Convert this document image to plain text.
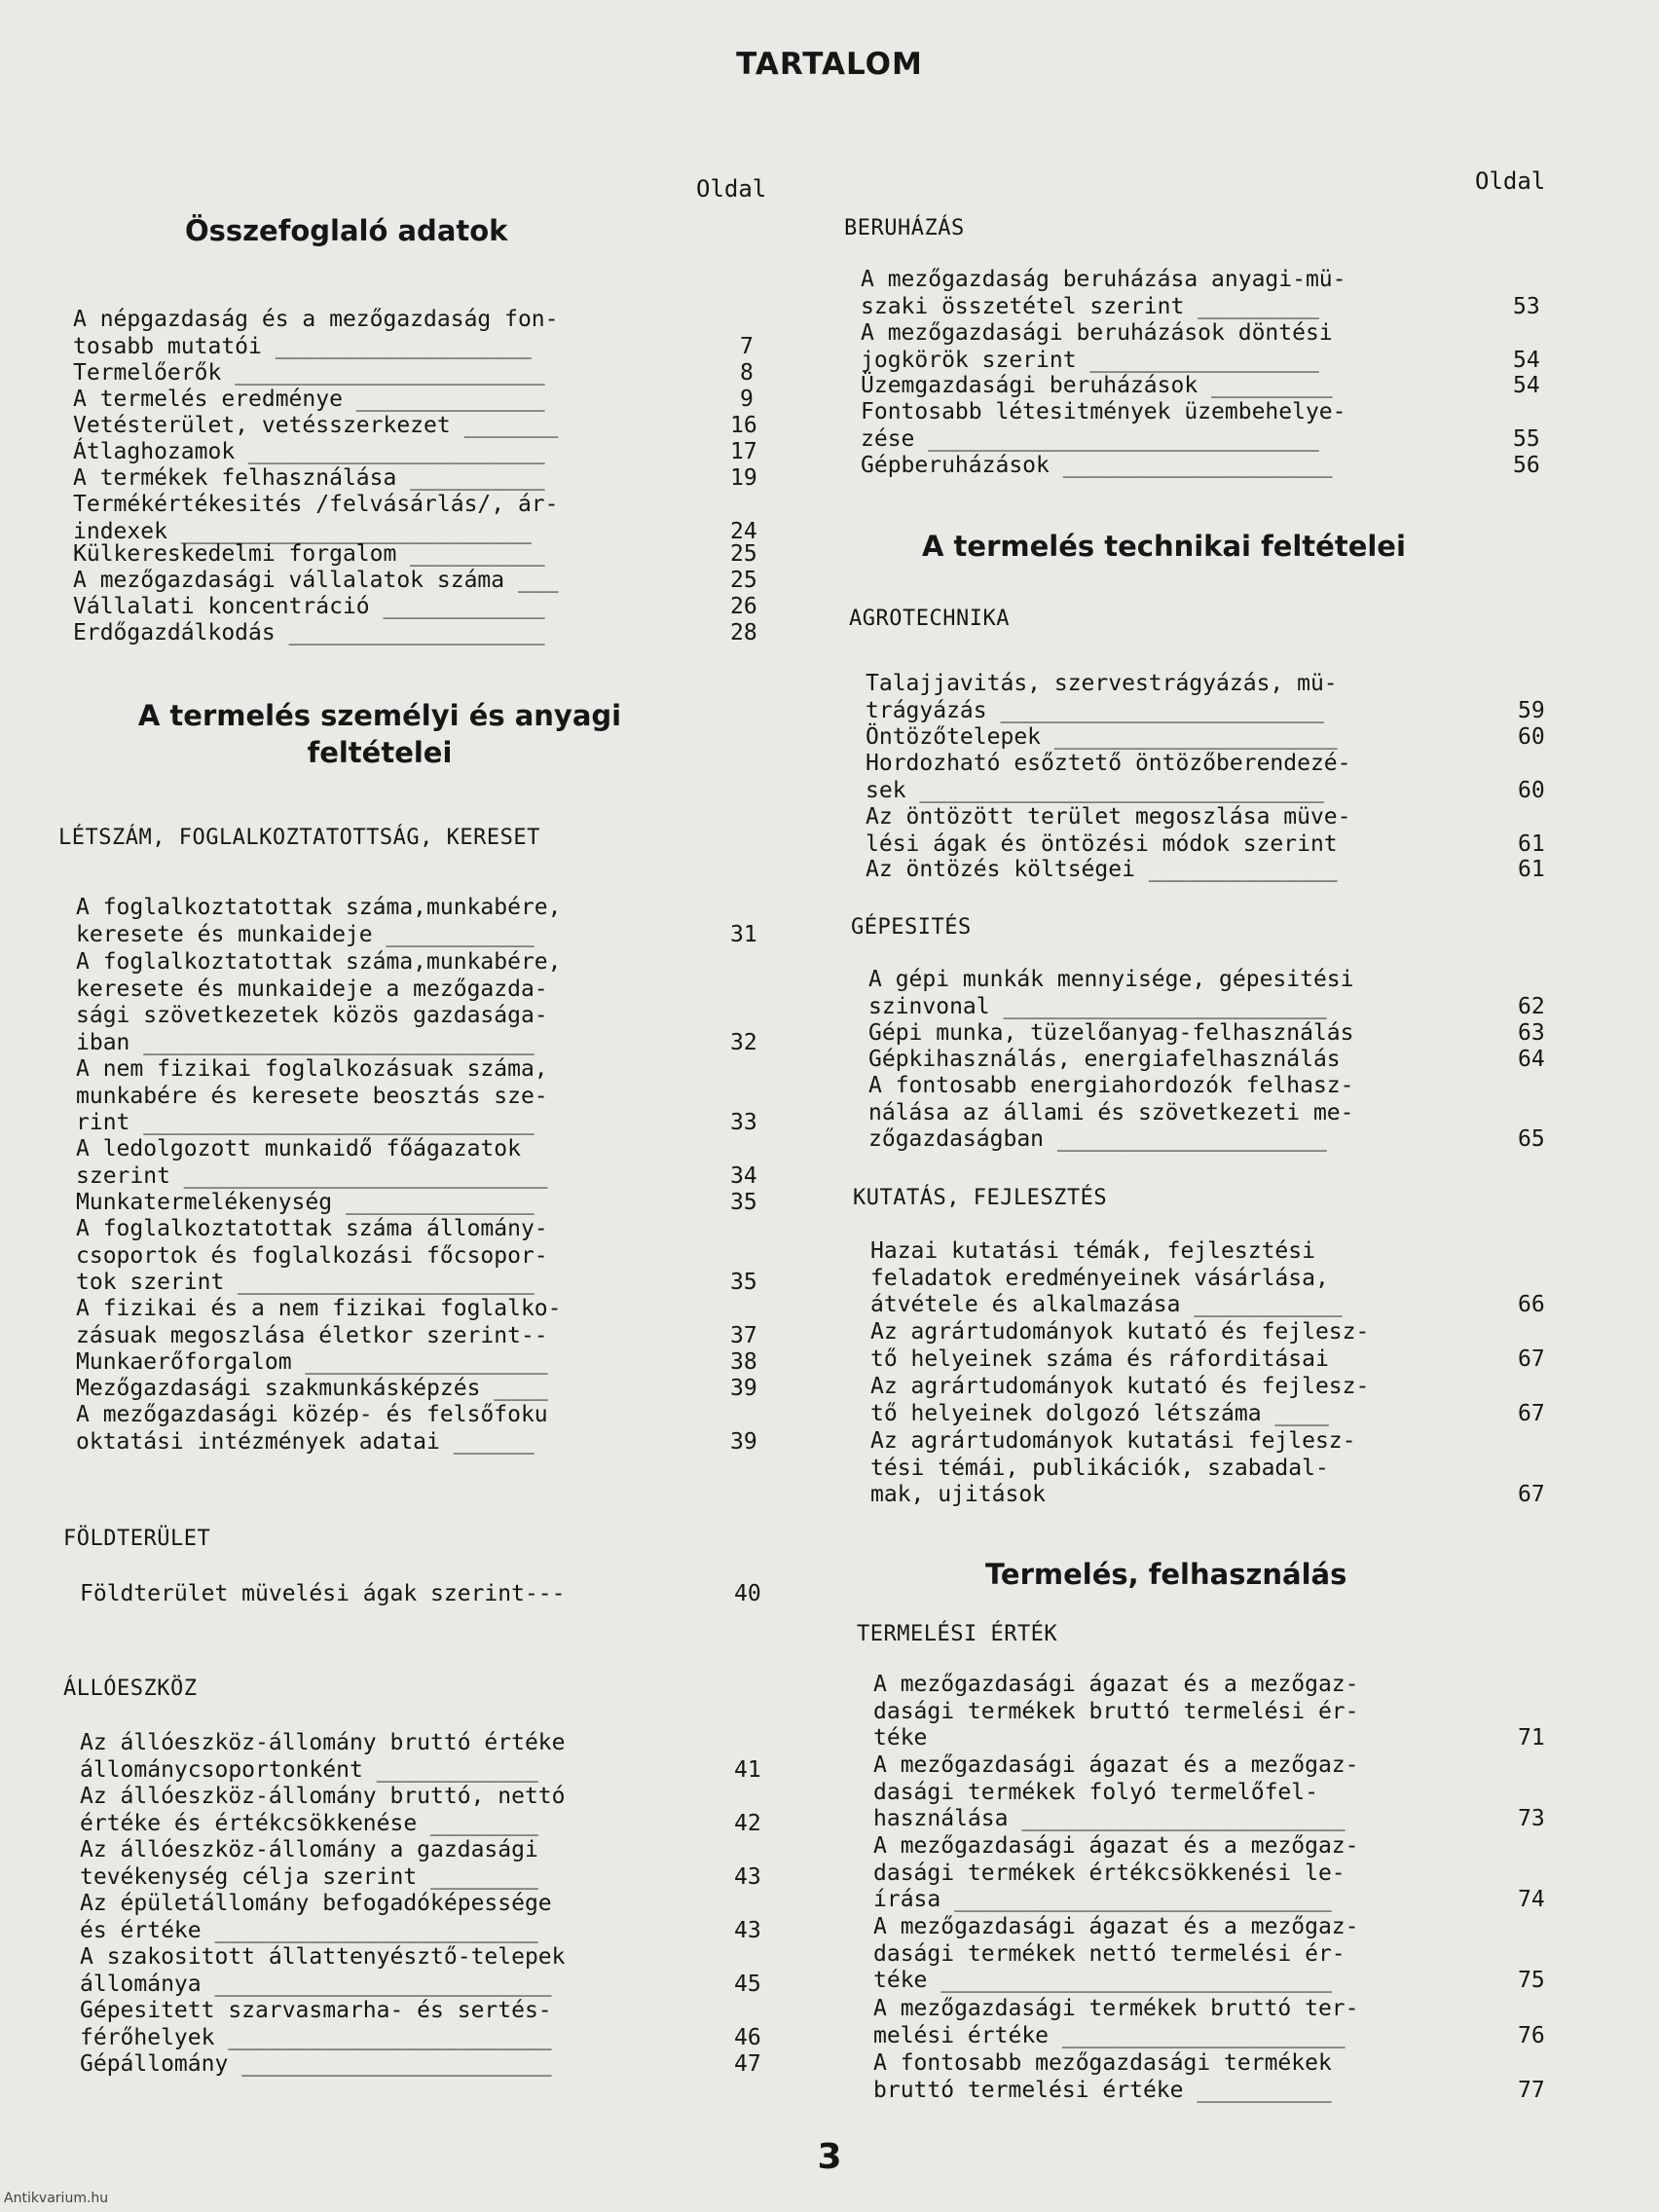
TARTALOM
Oldal
Összefoglaló adatok
A népgazdaság és a mezőgazdaság fon-
tosabb mutatói ___________________	7
Termelőerők _______________________	8
A termelés eredménye ______________	9
Vetésterület, vetésszerkezet _______	16
Átlaghozamok ______________________	17
A termékek felhasználása __________	19
Termékértékesités /felvásárlás/, ár-
indexek __________________________	24
Külkereskedelmi forgalom __________	25
A mezőgazdasági vállalatok száma ___	25
Vállalati koncentráció ____________	26
Erdőgazdálkodás ___________________	28
A termelés személyi és anyagi
feltételei
LÉTSZÁM, FOGLALKOZTATOTTSÁG, KERESET
A foglalkoztatottak száma,munkabére,
keresete és munkaideje ___________	31
A foglalkoztatottak száma,munkabére,
keresete és munkaideje a mezőgazda-
sági szövetkezetek közös gazdasága-
iban _____________________________	32
A nem fizikai foglalkozásuak száma,
munkabére és keresete beosztás sze-
rint _____________________________	33
A ledolgozott munkaidő főágazatok
szerint ___________________________	34
Munkatermelékenység ______________	35
A foglalkoztatottak száma állomány-
csoportok és foglalkozási főcsopor-
tok szerint ______________________	35
A fizikai és a nem fizikai foglalko-
zásuak megoszlása életkor szerint--	37
Munkaerőforgalom __________________	38
Mezőgazdasági szakmunkásképzés ____	39
A mezőgazdasági közép- és felsőfoku
oktatási intézmények adatai ______	39
FÖLDTERÜLET
Földterület müvelési ágak szerint---	40
ÁLLÓESZKÖZ
Az állóeszköz-állomány bruttó értéke
állománycsoportonként ____________	41
Az állóeszköz-állomány bruttó, nettó
értéke és értékcsökkenése ________	42
Az állóeszköz-állomány a gazdasági
tevékenység célja szerint ________	43
Az épületállomány befogadóképessége
és értéke ________________________	43
A szakositott állattenyésztő-telepek
állománya _________________________	45
Gépesitett szarvasmarha- és sertés-
férőhelyek ________________________	46
Gépállomány _______________________	47
Oldal
BERUHÁZÁS
A mezőgazdaság beruházása anyagi-mü-
szaki összetétel szerint _________	53
A mezőgazdasági beruházások döntési
jogkörök szerint _________________	54
Üzemgazdasági beruházások _________	54
Fontosabb létesitmények üzembehelye-
zése _____________________________	55
Gépberuházások ____________________	56
A termelés technikai feltételei
AGROTECHNIKA
Talajjavitás, szervestrágyázás, mü-
trágyázás ________________________	59
Öntözőtelepek _____________________	60
Hordozható esőztető öntözőberendezé-
sek ______________________________	60
Az öntözött terület megoszlása müve-
lési ágak és öntözési módok szerint	61
Az öntözés költségei ______________	61
GÉPESITÉS
A gépi munkák mennyisége, gépesitési
szinvonal ________________________	62
Gépi munka, tüzelőanyag-felhasználás	63
Gépkihasználás, energiafelhasználás	64
A fontosabb energiahordozók felhasz-
nálása az állami és szövetkezeti me-
zőgazdaságban ____________________	65
KUTATÁS, FEJLESZTÉS
Hazai kutatási témák, fejlesztési
feladatok eredményeinek vásárlása,
átvétele és alkalmazása ___________	66
Az agrártudományok kutató és fejlesz-
tő helyeinek száma és ráforditásai	67
Az agrártudományok kutató és fejlesz-
tő helyeinek dolgozó létszáma ____	67
Az agrártudományok kutatási fejlesz-
tési témái, publikációk, szabadal-
mak, ujitások	67
Termelés, felhasználás
TERMELÉSI ÉRTÉK
A mezőgazdasági ágazat és a mezőgaz-
dasági termékek bruttó termelési ér-
téke	71
A mezőgazdasági ágazat és a mezőgaz-
dasági termékek folyó termelőfel-
használása ________________________	73
A mezőgazdasági ágazat és a mezőgaz-
dasági termékek értékcsökkenési le-
írása ____________________________	74
A mezőgazdasági ágazat és a mezőgaz-
dasági termékek nettó termelési ér-
téke _____________________________	75
A mezőgazdasági termékek bruttó ter-
melési értéke _____________________	76
A fontosabb mezőgazdasági termékek
bruttó termelési értéke __________	77
3
Antikvarium.hu
